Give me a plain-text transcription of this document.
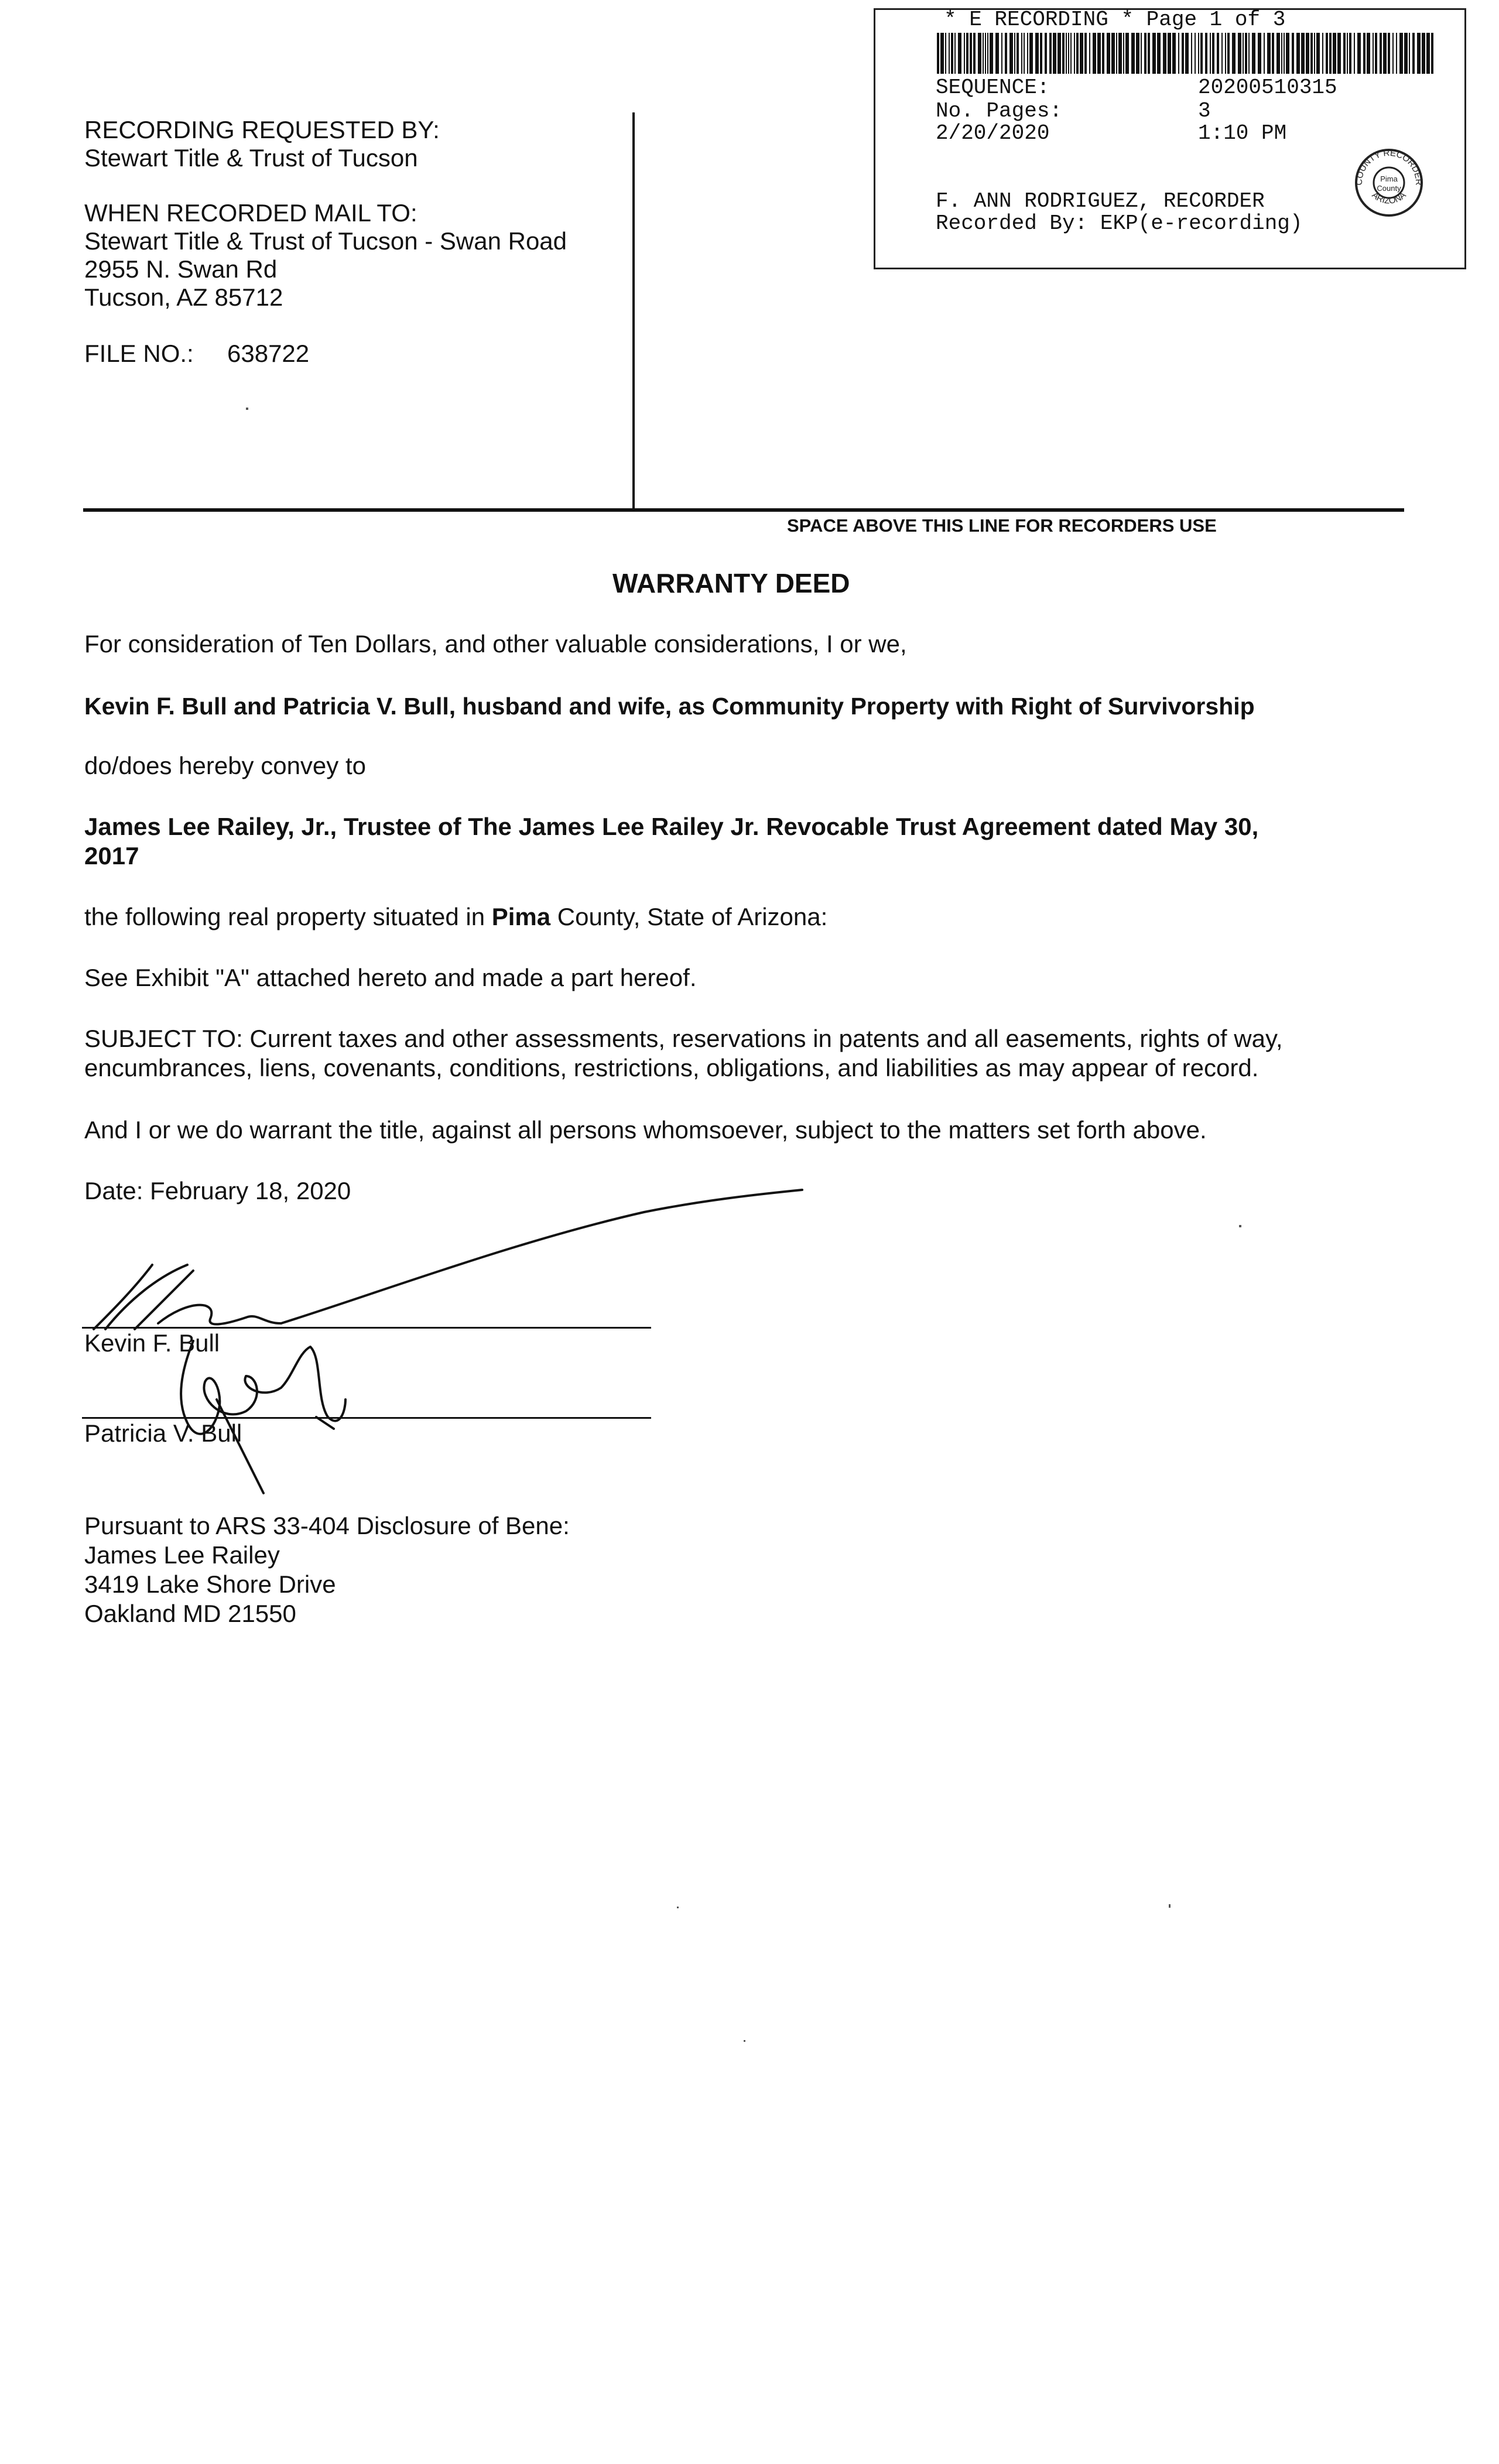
* E RECORDING * Page 1 of 3
SEQUENCE:	20200510315
No. Pages:	3
2/20/2020	1:10 PM
F. ANN RODRIGUEZ, RECORDER
Recorded By: EKP(e-recording)
COUNTY RECORDER
ARIZONA
Pima
County
RECORDING REQUESTED BY:
Stewart Title & Trust of Tucson
WHEN RECORDED MAIL TO:
Stewart Title & Trust of Tucson - Swan Road
2955 N. Swan Rd
Tucson, AZ 85712
FILE NO.: 638722
SPACE ABOVE THIS LINE FOR RECORDERS USE
WARRANTY DEED
For consideration of Ten Dollars, and other valuable considerations, I or we,
Kevin F. Bull and Patricia V. Bull, husband and wife, as Community Property with Right of Survivorship
do/does hereby convey to
James Lee Railey, Jr., Trustee of The James Lee Railey Jr. Revocable Trust Agreement dated May 30,
2017
the following real property situated in Pima County, State of Arizona:
See Exhibit "A" attached hereto and made a part hereof.
SUBJECT TO: Current taxes and other assessments, reservations in patents and all easements, rights of way,
encumbrances, liens, covenants, conditions, restrictions, obligations, and liabilities as may appear of record.
And I or we do warrant the title, against all persons whomsoever, subject to the matters set forth above.
Date: February 18, 2020
Kevin F. Bull
Patricia V. Bull
Pursuant to ARS 33-404 Disclosure of Bene:
James Lee Railey
3419 Lake Shore Drive
Oakland MD 21550
